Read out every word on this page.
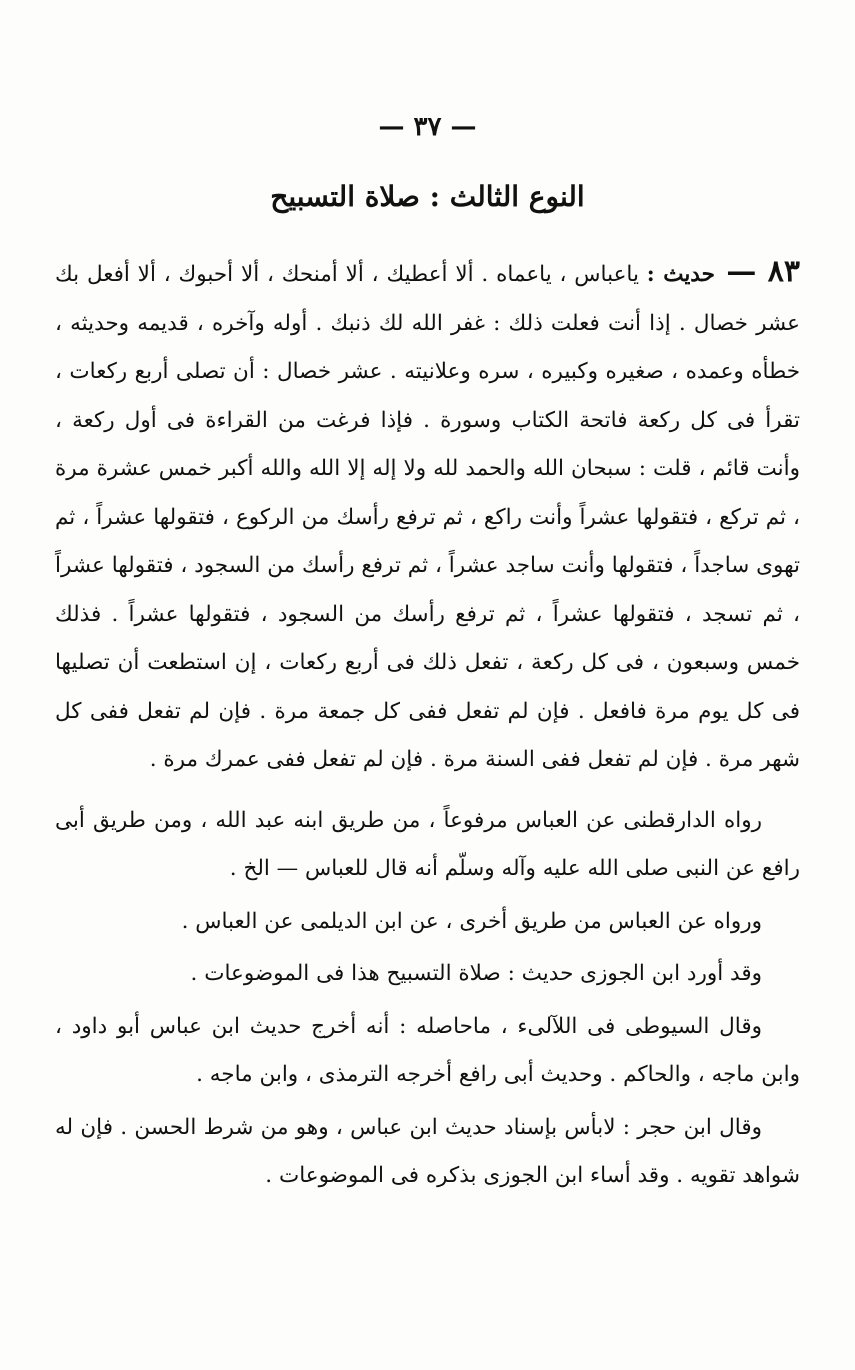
— ٣٧ —
النوع الثالث : صلاة التسبيح

٨٣ — حديث : ياعباس ، ياعماه . ألا أعطيك ، ألا أمنحك ، ألا أحبوك ، ألا أفعل بك عشر خصال . إذا أنت فعلت ذلك : غفر الله لك ذنبك . أوله وآخره ، قديمه وحديثه ، خطأه وعمده ، صغيره وكبيره ، سره وعلانيته . عشر خصال : أن تصلى أربع ركعات ، تقرأ فى كل ركعة فاتحة الكتاب وسورة . فإذا فرغت من القراءة فى أول ركعة ، وأنت قائم ، قلت : سبحان الله والحمد لله ولا إله إلا الله والله أكبر خمس عشرة مرة ، ثم تركع ، فتقولها عشراً وأنت راكع ، ثم ترفع رأسك من الركوع ، فتقولها عشراً ، ثم تهوى ساجداً ، فتقولها وأنت ساجد عشراً ، ثم ترفع رأسك من السجود ، فتقولها عشراً ، ثم تسجد ، فتقولها عشراً ، ثم ترفع رأسك من السجود ، فتقولها عشراً . فذلك خمس وسبعون ، فى كل ركعة ، تفعل ذلك فى أربع ركعات ، إن استطعت أن تصليها فى كل يوم مرة فافعل . فإن لم تفعل ففى كل جمعة مرة . فإن لم تفعل ففى كل شهر مرة . فإن لم تفعل ففى السنة مرة . فإن لم تفعل ففى عمرك مرة .

رواه الدارقطنى عن العباس مرفوعاً ، من طريق ابنه عبد الله ، ومن طريق أبى رافع عن النبى صلى الله عليه وآله وسلّم أنه قال للعباس — الخ .

ورواه عن العباس من طريق أخرى ، عن ابن الديلمى عن العباس .

وقد أورد ابن الجوزى حديث : صلاة التسبيح هذا فى الموضوعات .

وقال السيوطى فى اللآلىء ، ماحاصله : أنه أخرج حديث ابن عباس أبو داود ، وابن ماجه ، والحاكم . وحديث أبى رافع أخرجه الترمذى ، وابن ماجه .

وقال ابن حجر : لابأس بإسناد حديث ابن عباس ، وهو من شرط الحسن . فإن له شواهد تقويه . وقد أساء ابن الجوزى بذكره فى الموضوعات .
